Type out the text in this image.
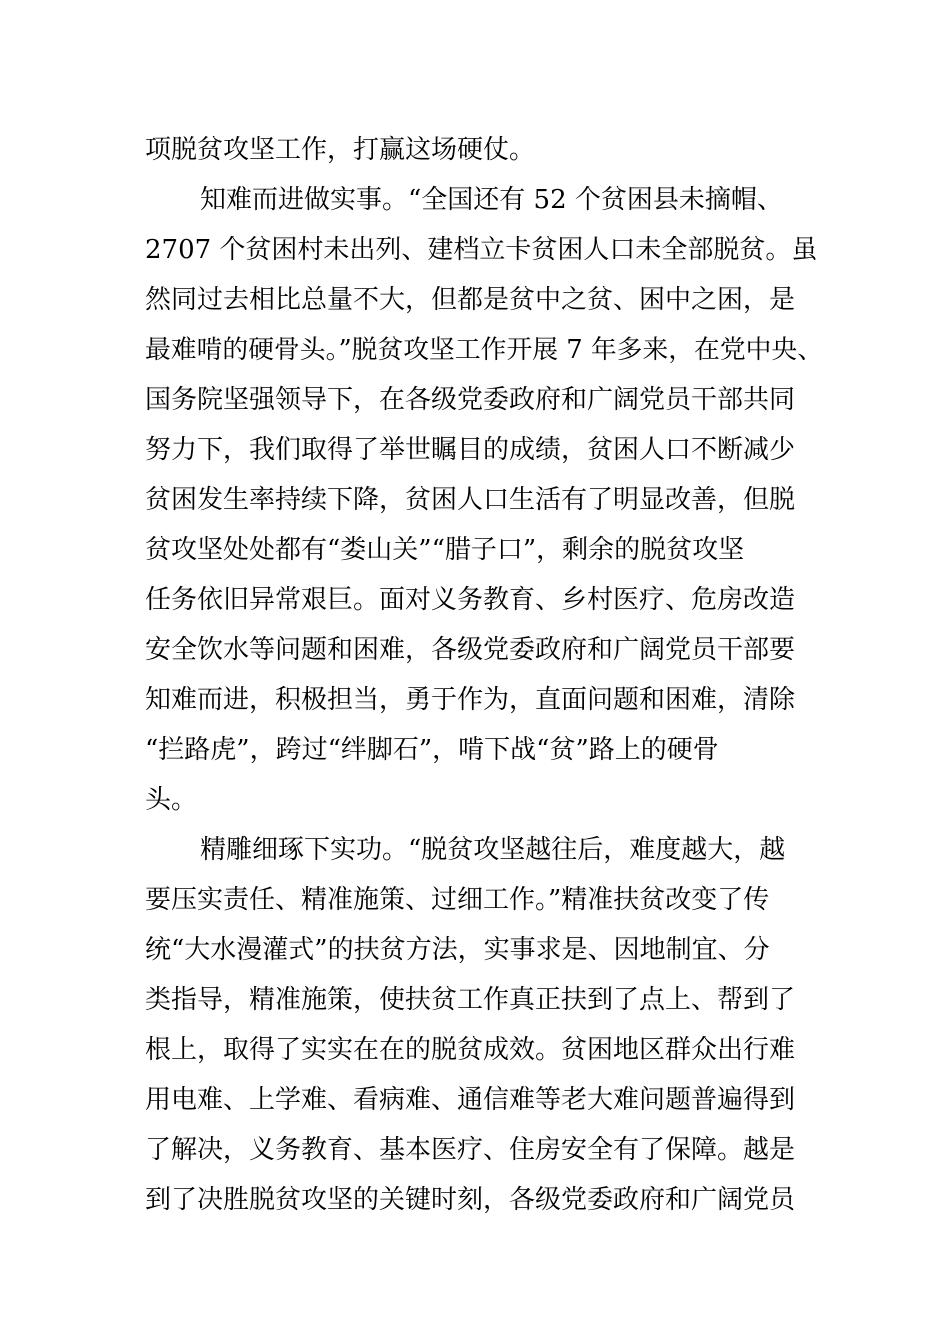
项脱贫攻坚工作，打赢这场硬仗。
知难而进做实事。“全国还有 52 个贫困县未摘帽、
2707 个贫困村未出列、建档立卡贫困人口未全部脱贫。虽
然同过去相比总量不大，但都是贫中之贫、困中之困，是
最难啃的硬骨头。”脱贫攻坚工作开展 7 年多来，在党中央、
国务院坚强领导下，在各级党委政府和广阔党员干部共同
努力下，我们取得了举世瞩目的成绩，贫困人口不断减少
贫困发生率持续下降，贫困人口生活有了明显改善，但脱
贫攻坚处处都有“娄山关”“腊子口”，剩余的脱贫攻坚
任务依旧异常艰巨。面对义务教育、乡村医疗、危房改造
安全饮水等问题和困难，各级党委政府和广阔党员干部要
知难而进，积极担当，勇于作为，直面问题和困难，清除
“拦路虎”，跨过“绊脚石”，啃下战“贫”路上的硬骨
头。
精雕细琢下实功。“脱贫攻坚越往后，难度越大，越
要压实责任、精准施策、过细工作。”精准扶贫改变了传
统“大水漫灌式”的扶贫方法，实事求是、因地制宜、分
类指导，精准施策，使扶贫工作真正扶到了点上、帮到了
根上，取得了实实在在的脱贫成效。贫困地区群众出行难
用电难、上学难、看病难、通信难等老大难问题普遍得到
了解决，义务教育、基本医疗、住房安全有了保障。越是
到了决胜脱贫攻坚的关键时刻，各级党委政府和广阔党员
